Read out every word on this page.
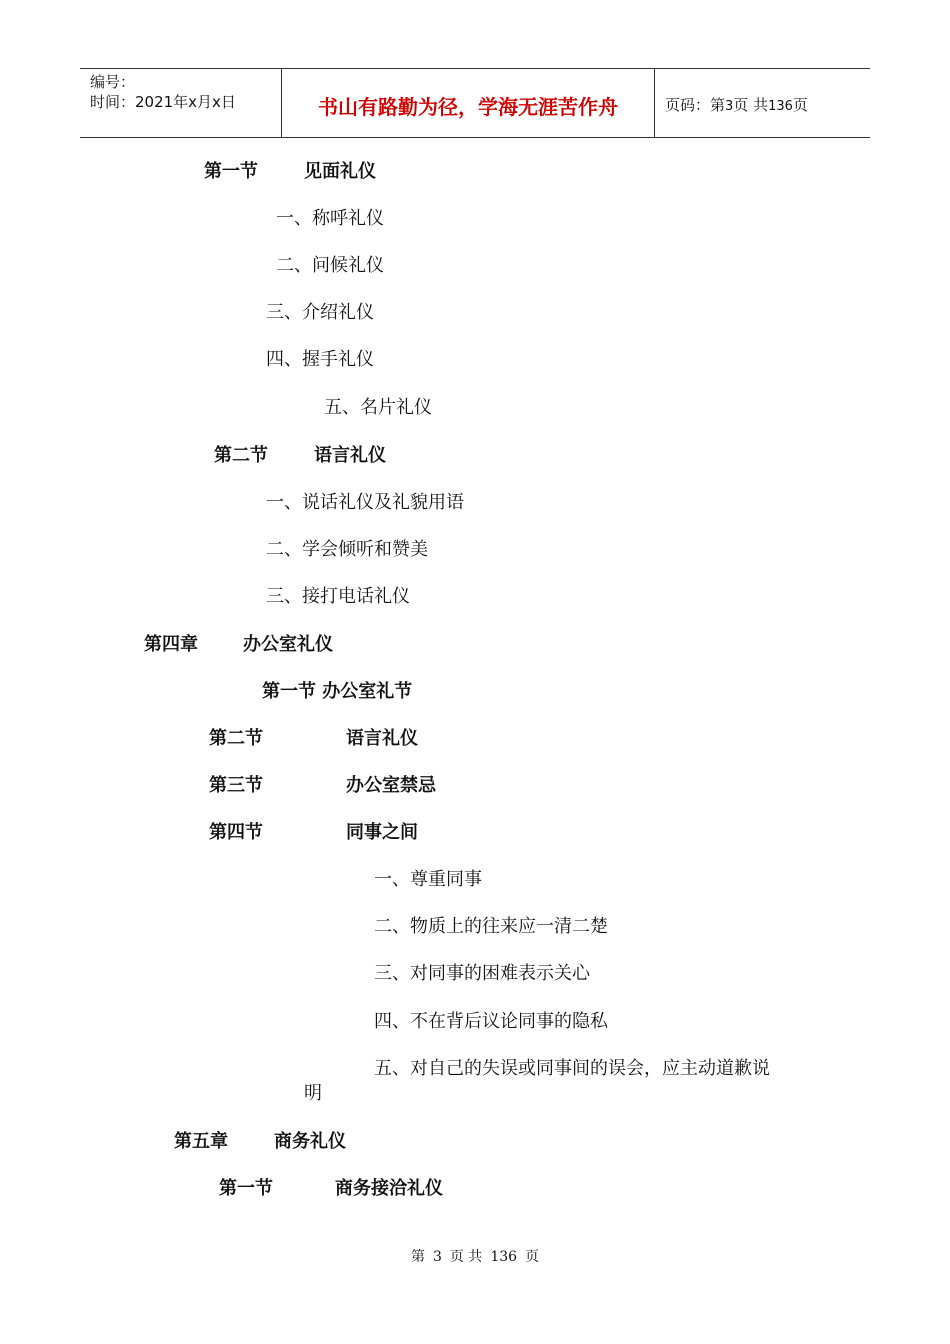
编号：
时间：2021年x月x日	书山有路勤为径，学海无涯苦作舟	页码：第3页 共136页
第一节	见面礼仪
一、称呼礼仪
二、问候礼仪
三、介绍礼仪
四、握手礼仪
五、名片礼仪
第二节	语言礼仪
一、说话礼仪及礼貌用语
二、学会倾听和赞美
三、接打电话礼仪
第四章	办公室礼仪
第一节 办公室礼节
第二节	语言礼仪
第三节	办公室禁忌
第四节	同事之间
一、尊重同事
二、物质上的往来应一清二楚
三、对同事的困难表示关心
四、不在背后议论同事的隐私
五、对自己的失误或同事间的误会，应主动道歉说
明
第五章	商务礼仪
第一节	商务接洽礼仪
第 3 页 共 136 页
